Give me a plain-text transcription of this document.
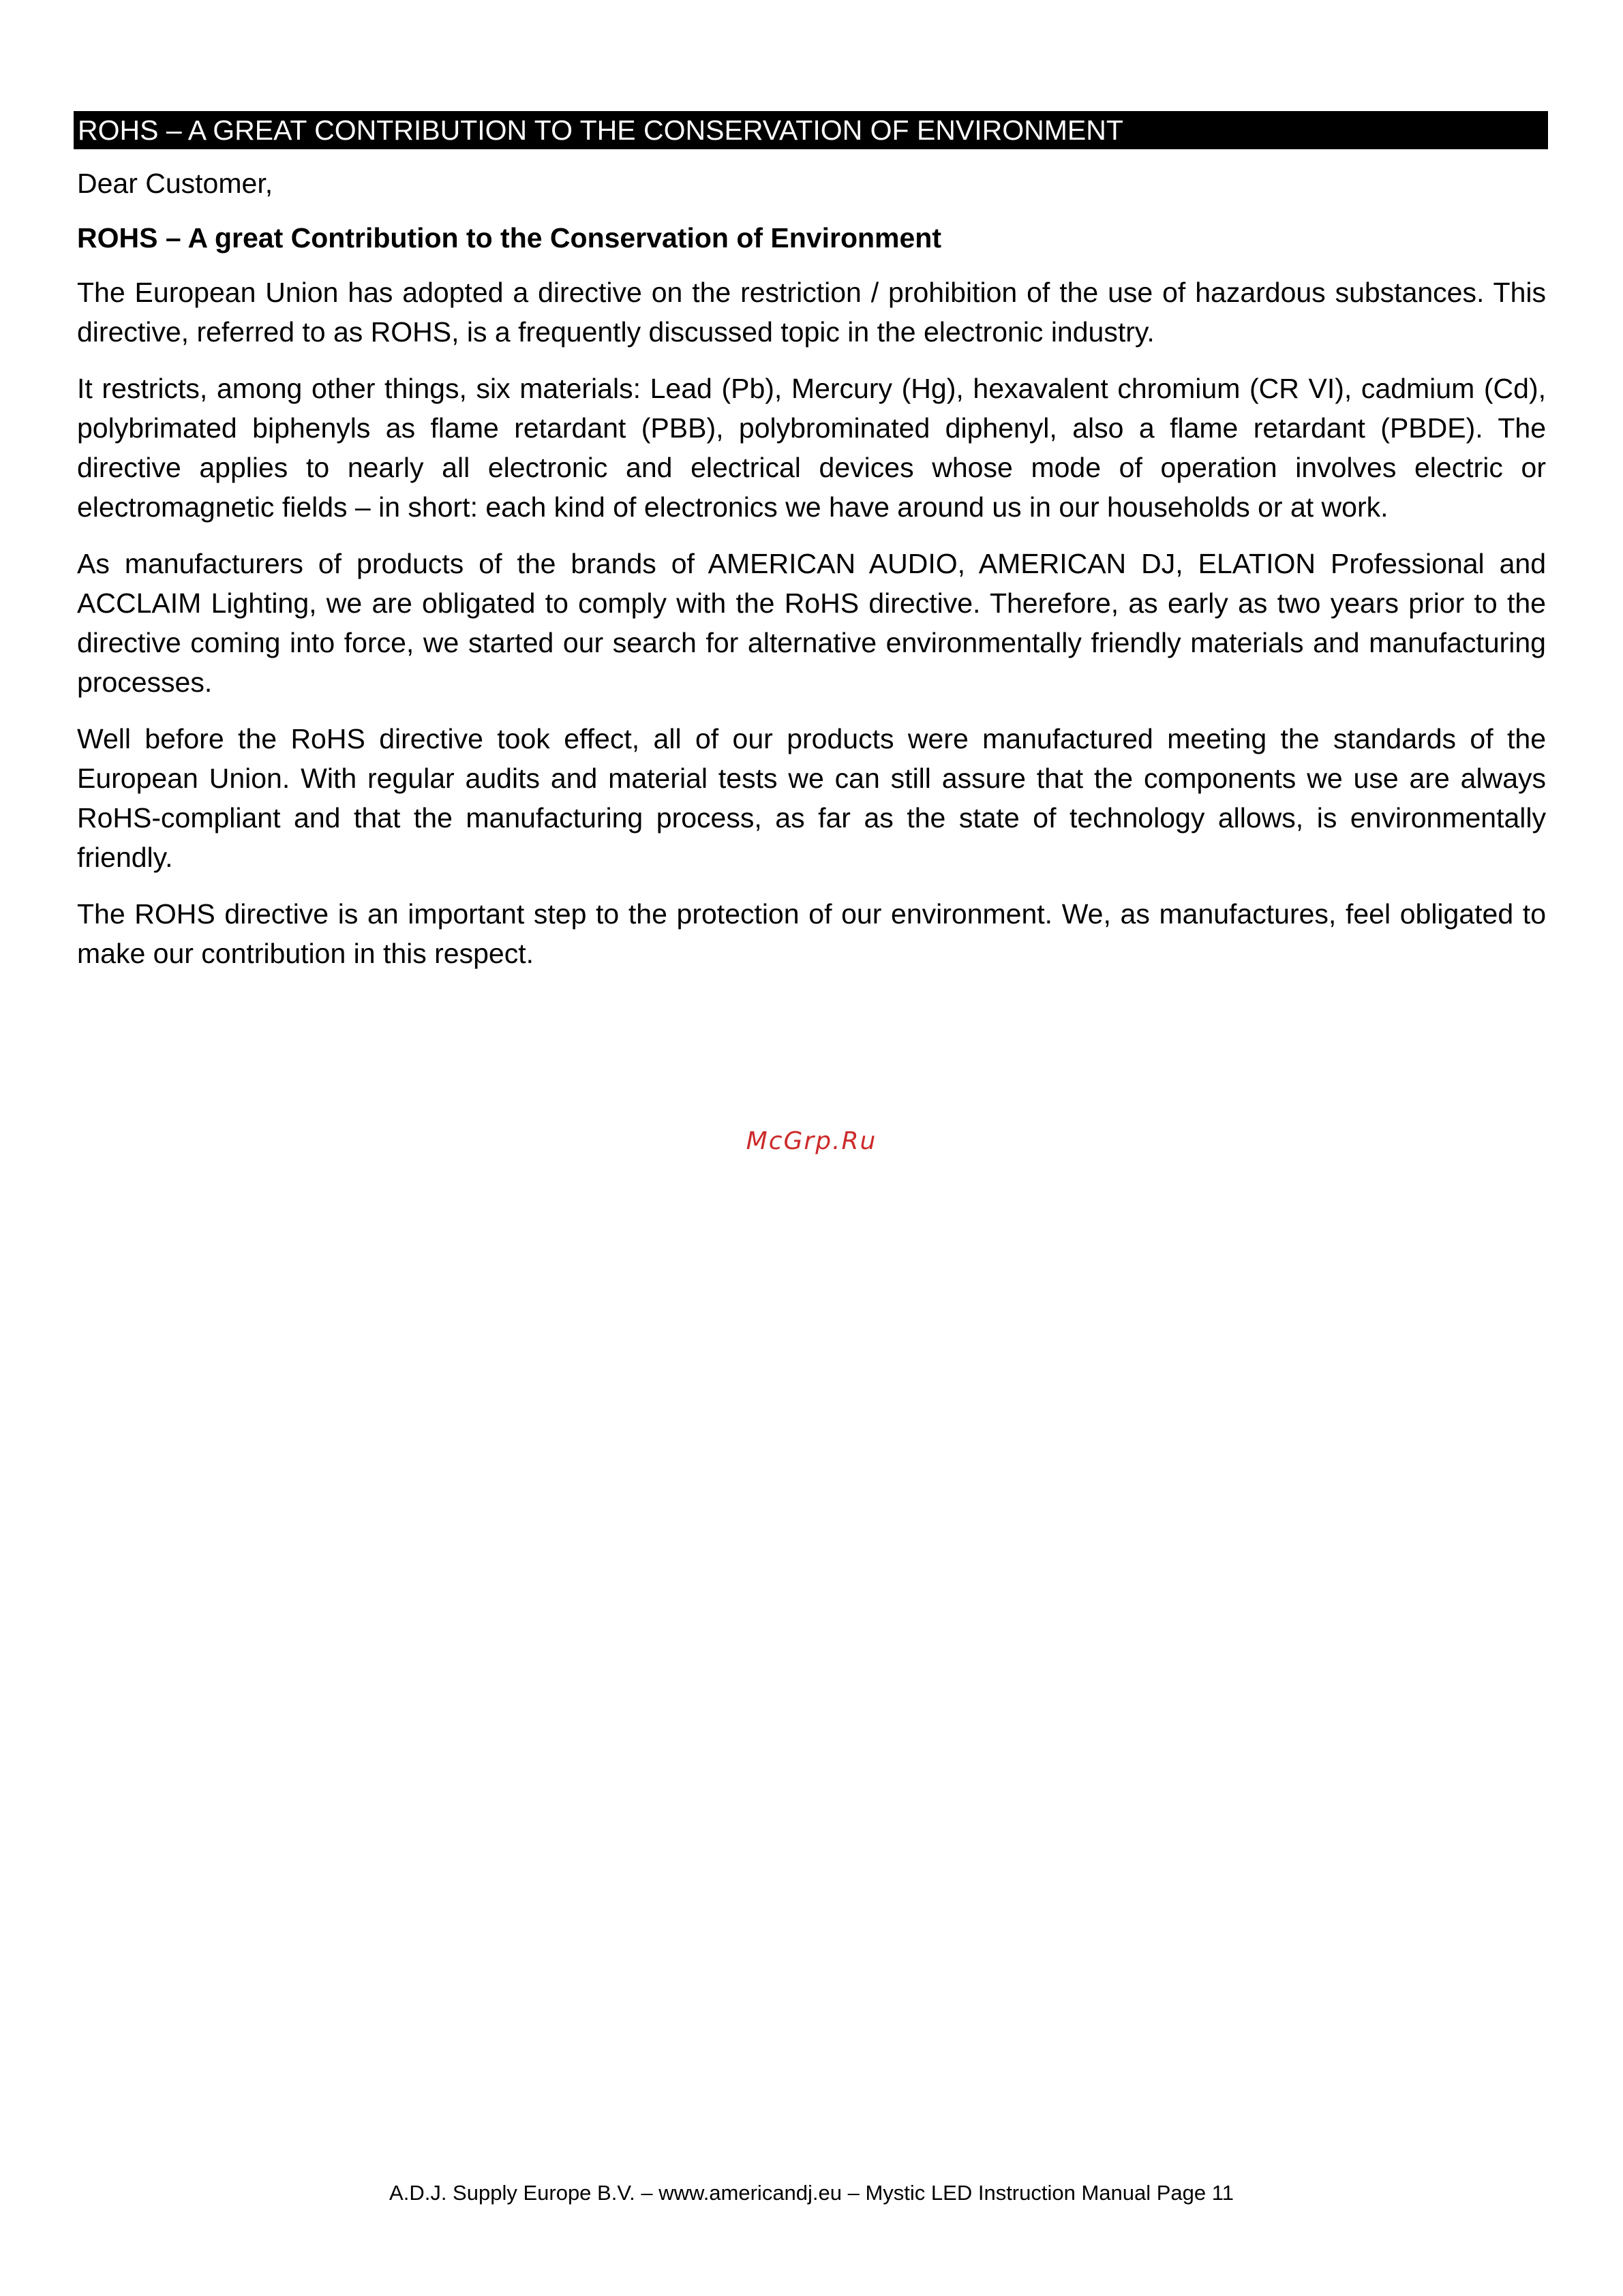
ROHS – A GREAT CONTRIBUTION TO THE CONSERVATION OF ENVIRONMENT

Dear Customer,

ROHS – A great Contribution to the Conservation of Environment

The European Union has adopted a directive on the restriction / prohibition of the use of hazardous substances. This directive, referred to as ROHS, is a frequently discussed topic in the electronic industry.

It restricts, among other things, six materials: Lead (Pb), Mercury (Hg), hexavalent chromium (CR VI), cadmium (Cd), polybrimated biphenyls as flame retardant (PBB), polybrominated diphenyl, also a flame retardant (PBDE). The directive applies to nearly all electronic and electrical devices whose mode of operation involves electric or electromagnetic fields – in short: each kind of electronics we have around us in our households or at work.

As manufacturers of products of the brands of AMERICAN AUDIO, AMERICAN DJ, ELATION Professional and ACCLAIM Lighting, we are obligated to comply with the RoHS directive. Therefore, as early as two years prior to the directive coming into force, we started our search for alternative environmentally friendly materials and manufacturing processes.

Well before the RoHS directive took effect, all of our products were manufactured meeting the standards of the European Union. With regular audits and material tests we can still assure that the components we use are always RoHS-compliant and that the manufacturing process, as far as the state of technology allows, is environmentally friendly.

The ROHS directive is an important step to the protection of our environment. We, as manufactures, feel obligated to make our contribution in this respect.

McGrp.Ru
A.D.J. Supply Europe B.V. – www.americandj.eu – Mystic LED Instruction Manual Page 11
